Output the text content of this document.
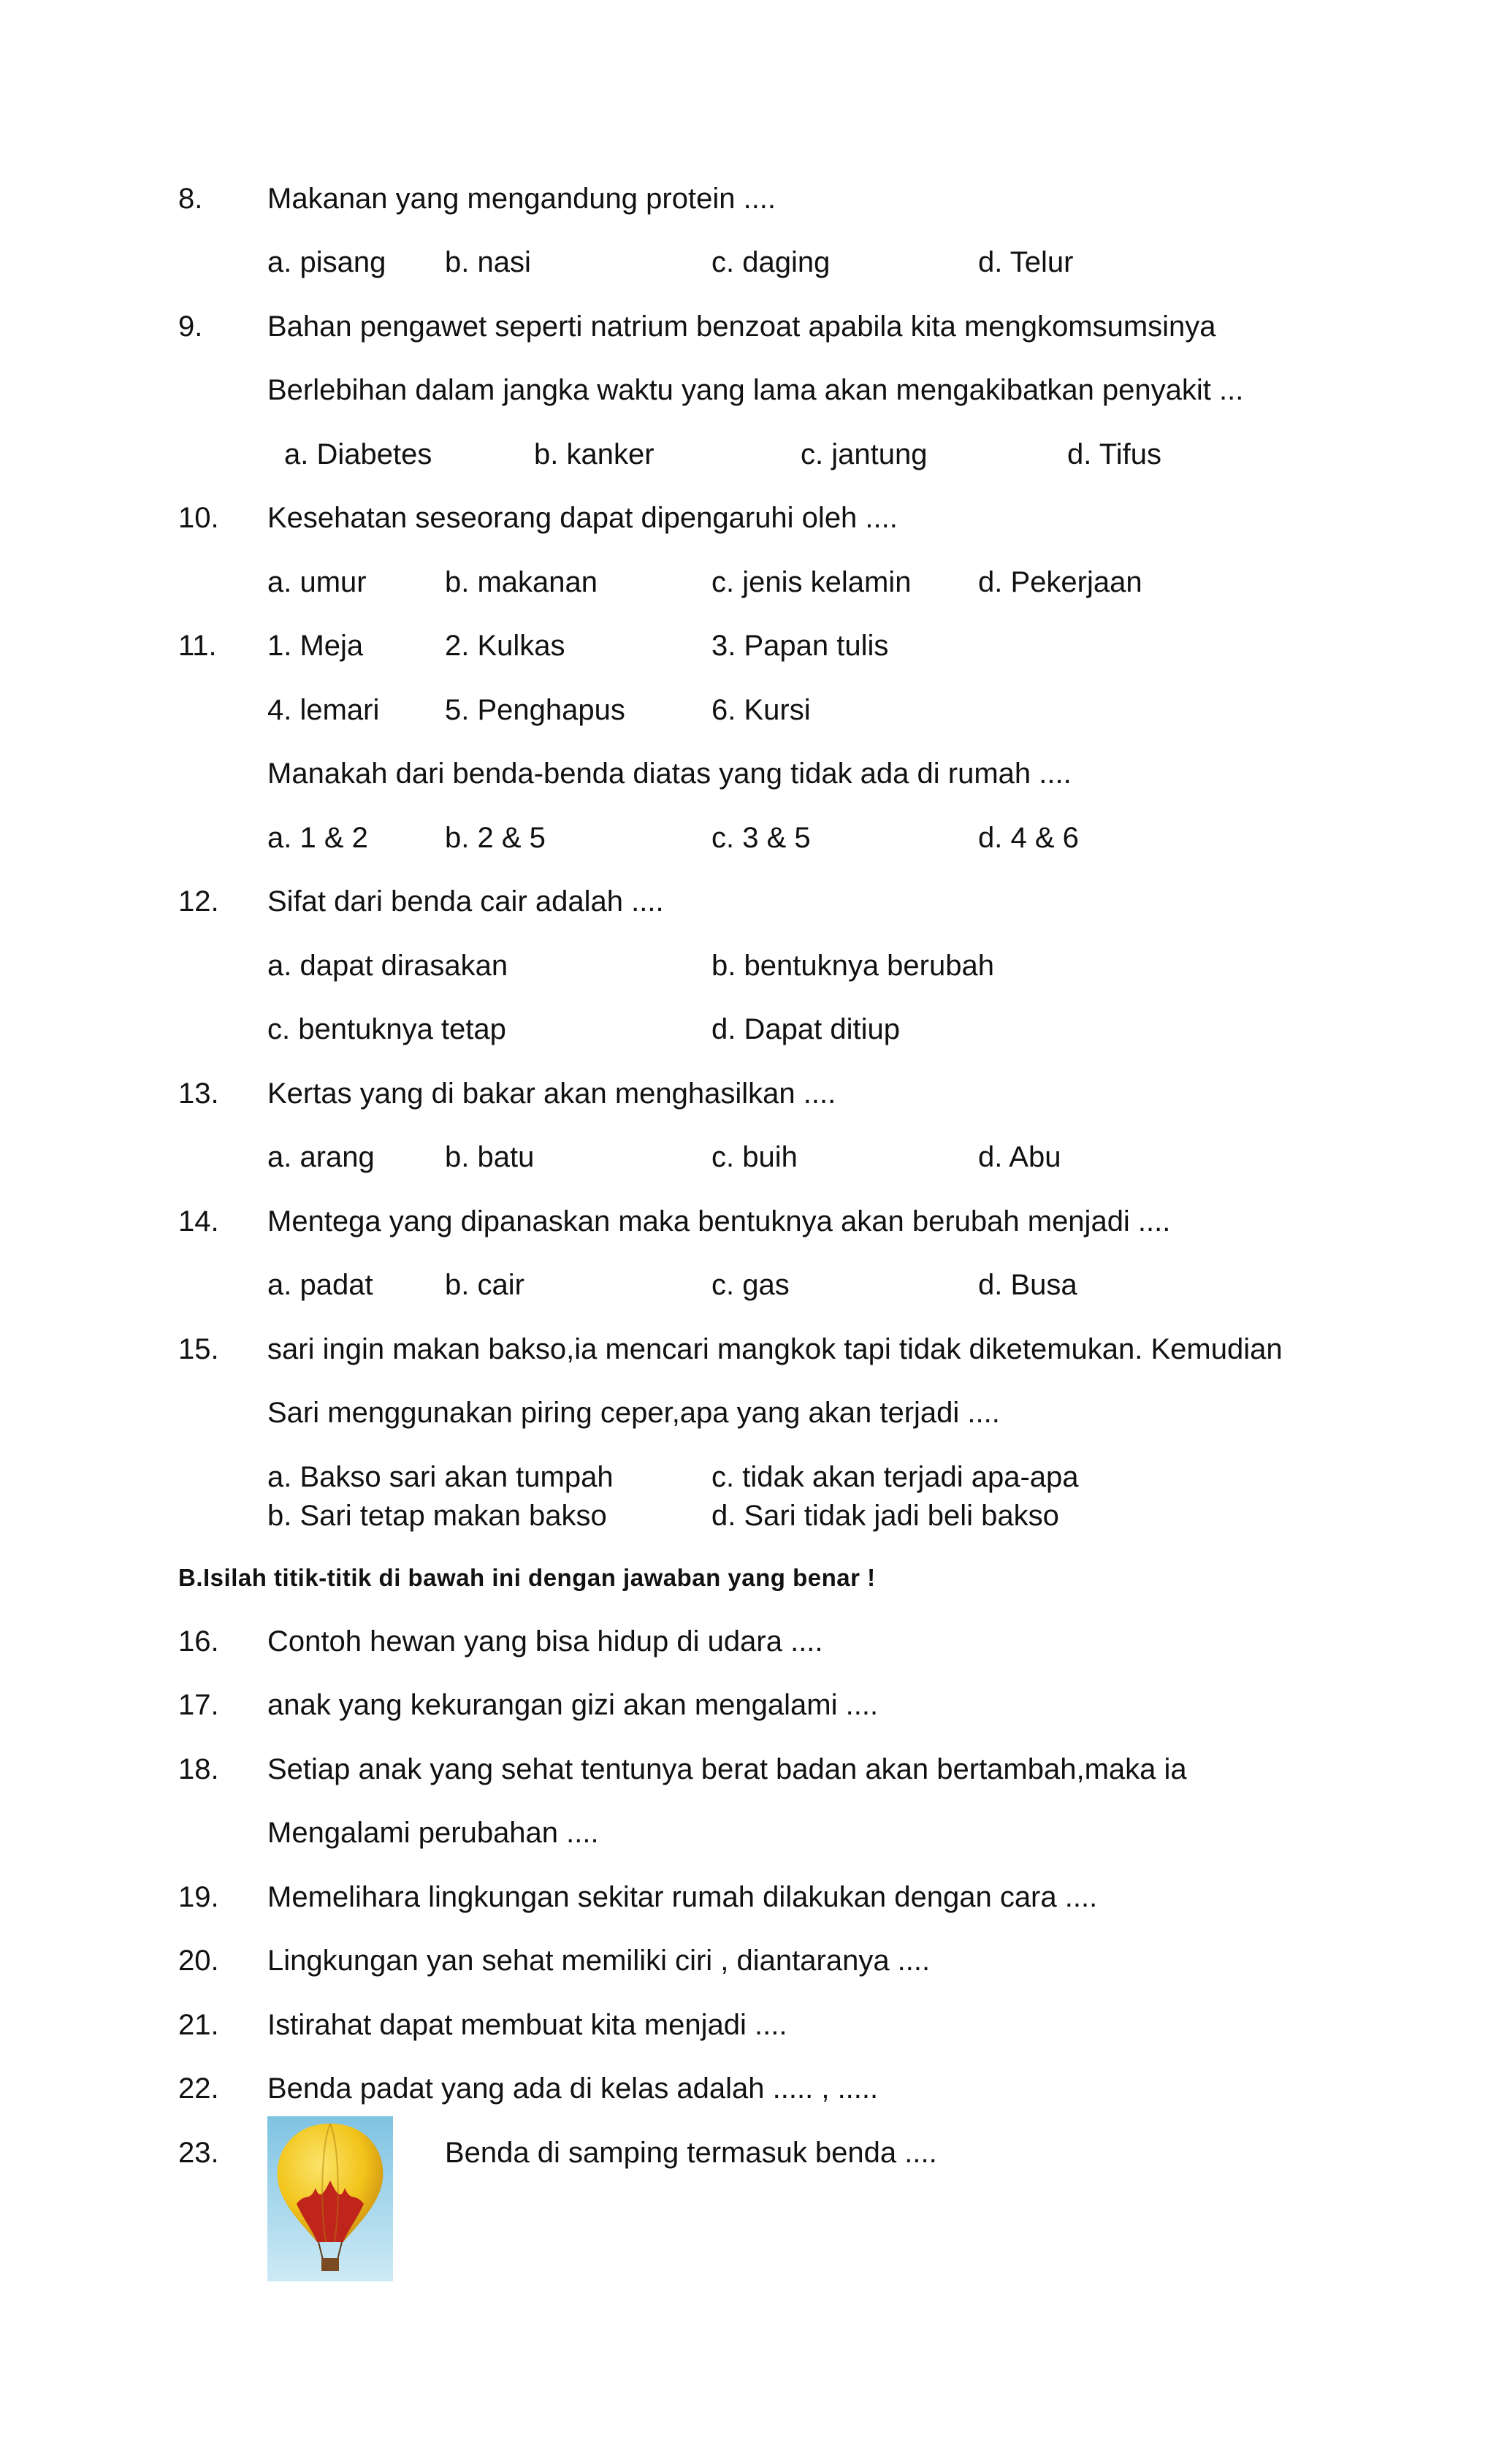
8. Makanan yang mengandung protein ....
a. pisang b. nasi	c. daging	d. Telur
9. Bahan pengawet seperti natrium benzoat apabila kita mengkomsumsinya
Berlebihan dalam jangka waktu yang lama akan mengakibatkan penyakit ...
a. Diabetes	b. kanker	c. jantung	d. Tifus
10. Kesehatan seseorang dapat dipengaruhi oleh ....
a. umur	b. makanan	c. jenis kelamin d. Pekerjaan
11. 1. Meja	2. Kulkas	3. Papan tulis
4. lemari 5. Penghapus	6. Kursi
Manakah dari benda-benda diatas yang tidak ada di rumah ....
a. 1 & 2	b. 2 & 5	c. 3 & 5	d. 4 & 6
12. Sifat dari benda cair adalah ....
a. dapat dirasakan	b. bentuknya berubah
c. bentuknya tetap	d. Dapat ditiup
13. Kertas yang di bakar akan menghasilkan ....
a. arang b. batu	c. buih	d. Abu
14. Mentega yang dipanaskan maka bentuknya akan berubah menjadi ....
a. padat b. cair	c. gas	d. Busa
15. sari ingin makan bakso,ia mencari mangkok tapi tidak diketemukan. Kemudian
Sari menggunakan piring ceper,apa yang akan terjadi ....
a. Bakso sari akan tumpah	c. tidak akan terjadi apa-apa
b. Sari tetap makan bakso	d. Sari tidak jadi beli bakso
B.Isilah titik-titik di bawah ini dengan jawaban yang benar !
16. Contoh hewan yang bisa hidup di udara ....
17. anak yang kekurangan gizi akan mengalami ....
18. Setiap anak yang sehat tentunya berat badan akan bertambah,maka ia
Mengalami perubahan ....
19. Memelihara lingkungan sekitar rumah dilakukan dengan cara ....
20. Lingkungan yan sehat memiliki ciri , diantaranya ....
21. Istirahat dapat membuat kita menjadi ....
22. Benda padat yang ada di kelas adalah ..... , .....
23.	Benda di samping termasuk benda ....
